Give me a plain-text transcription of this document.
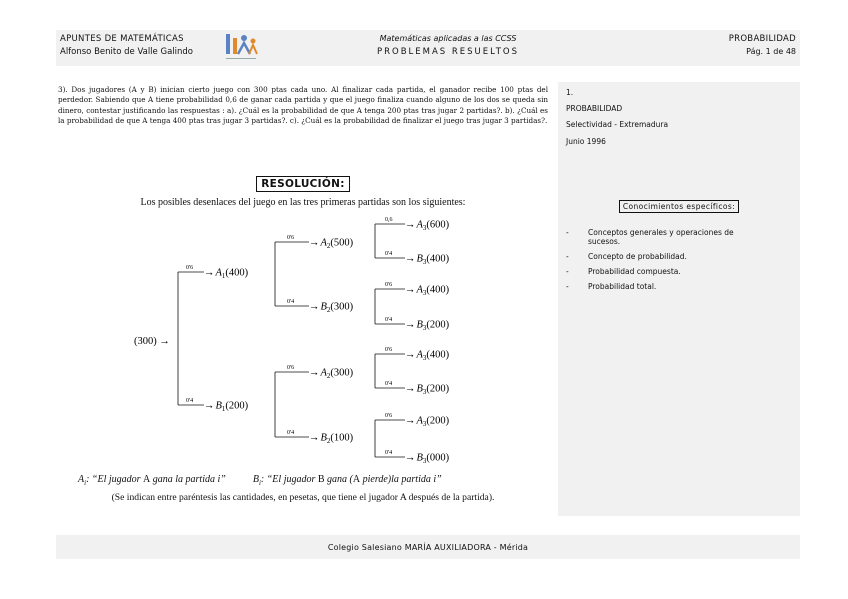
APUNTES DE MATEMÁTICAS
Alfonso Benito de Valle Galindo
Matemáticas aplicadas a las CCSS
PROBLEMAS RESUELTOS
PROBABILIDAD
Pág. 1 de 48
3). Dos jugadores (A y B) inician cierto juego con 300 ptas cada uno. Al finalizar cada partida, el ganador recibe 100 ptas del perdedor. Sabiendo que A tiene probabilidad 0,6 de ganar cada partida y que el juego finaliza cuando alguno de los dos se queda sin dinero, contestar justificando las respuestas : a). ¿Cuál es la probabilidad de que A tenga 200 ptas tras jugar 2 partidas?. b). ¿Cuál es la probabilidad de que A tenga 400 ptas tras jugar 3 partidas?. c). ¿Cuál es la probabilidad de finalizar el juego tras jugar 3 partidas?.
RESOLUCIÓN:
Los posibles desenlaces del juego en las tres primeras partidas son los siguientes:
(300) →
$0'6 \to A_1(400)$
$0'4 \to B_1(200)$
$0'6 \to A_2(500)$
$0'4 \to B_2(300)$
$0'6 \to A_2(300)$
$0'4 \to B_2(100)$
$0,6 \to A_3(600)$
$0'4 \to B_3(400)$
$0'6 \to A_3(400)$
$0'4 \to B_3(200)$
$0'6 \to A_3(400)$
$0'4 \to B_3(200)$
$0'6 \to A_3(200)$
$0'4 \to B_3(000)$
$A_i$: “El jugador A gana la partida i”	$B_i$: “El jugador B gana (A pierde)la partida i”
(Se indican entre paréntesis las cantidades, en pesetas, que tiene el jugador A después de la partida).
1.
PROBABILIDAD
Selectividad - Extremadura
Junio 1996
Conocimientos específicos:
-	Conceptos generales y operaciones de sucesos.
-	Concepto de probabilidad.
-	Probabilidad compuesta.
-	Probabilidad total.
Colegio Salesiano MARÍA AUXILIADORA - Mérida
